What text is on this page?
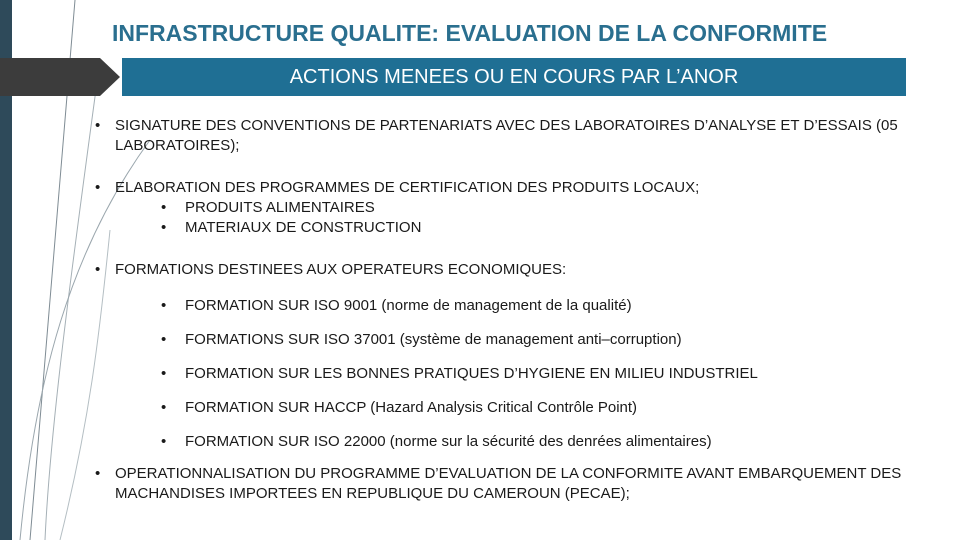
INFRASTRUCTURE QUALITE: EVALUATION DE LA CONFORMITE
ACTIONS MENEES OU EN COURS PAR L’ANOR
• SIGNATURE DES CONVENTIONS DE PARTENARIATS AVEC DES LABORATOIRES D’ANALYSE ET D’ESSAIS (05 LABORATOIRES);
• ELABORATION DES PROGRAMMES DE CERTIFICATION DES PRODUITS LOCAUX;
• PRODUITS ALIMENTAIRES
• MATERIAUX DE CONSTRUCTION
• FORMATIONS DESTINEES AUX OPERATEURS ECONOMIQUES:
• FORMATION SUR ISO 9001 (norme de management de la qualité)
• FORMATIONS SUR ISO 37001 (système de management anti–corruption)
• FORMATION SUR LES BONNES PRATIQUES D’HYGIENE EN MILIEU INDUSTRIEL
• FORMATION SUR HACCP (Hazard Analysis Critical Contrôle Point)
• FORMATION SUR ISO 22000 (norme sur la sécurité des denrées alimentaires)
• OPERATIONNALISATION DU PROGRAMME D’EVALUATION DE LA CONFORMITE AVANT EMBARQUEMENT DES MACHANDISES IMPORTEES EN REPUBLIQUE DU CAMEROUN (PECAE);
